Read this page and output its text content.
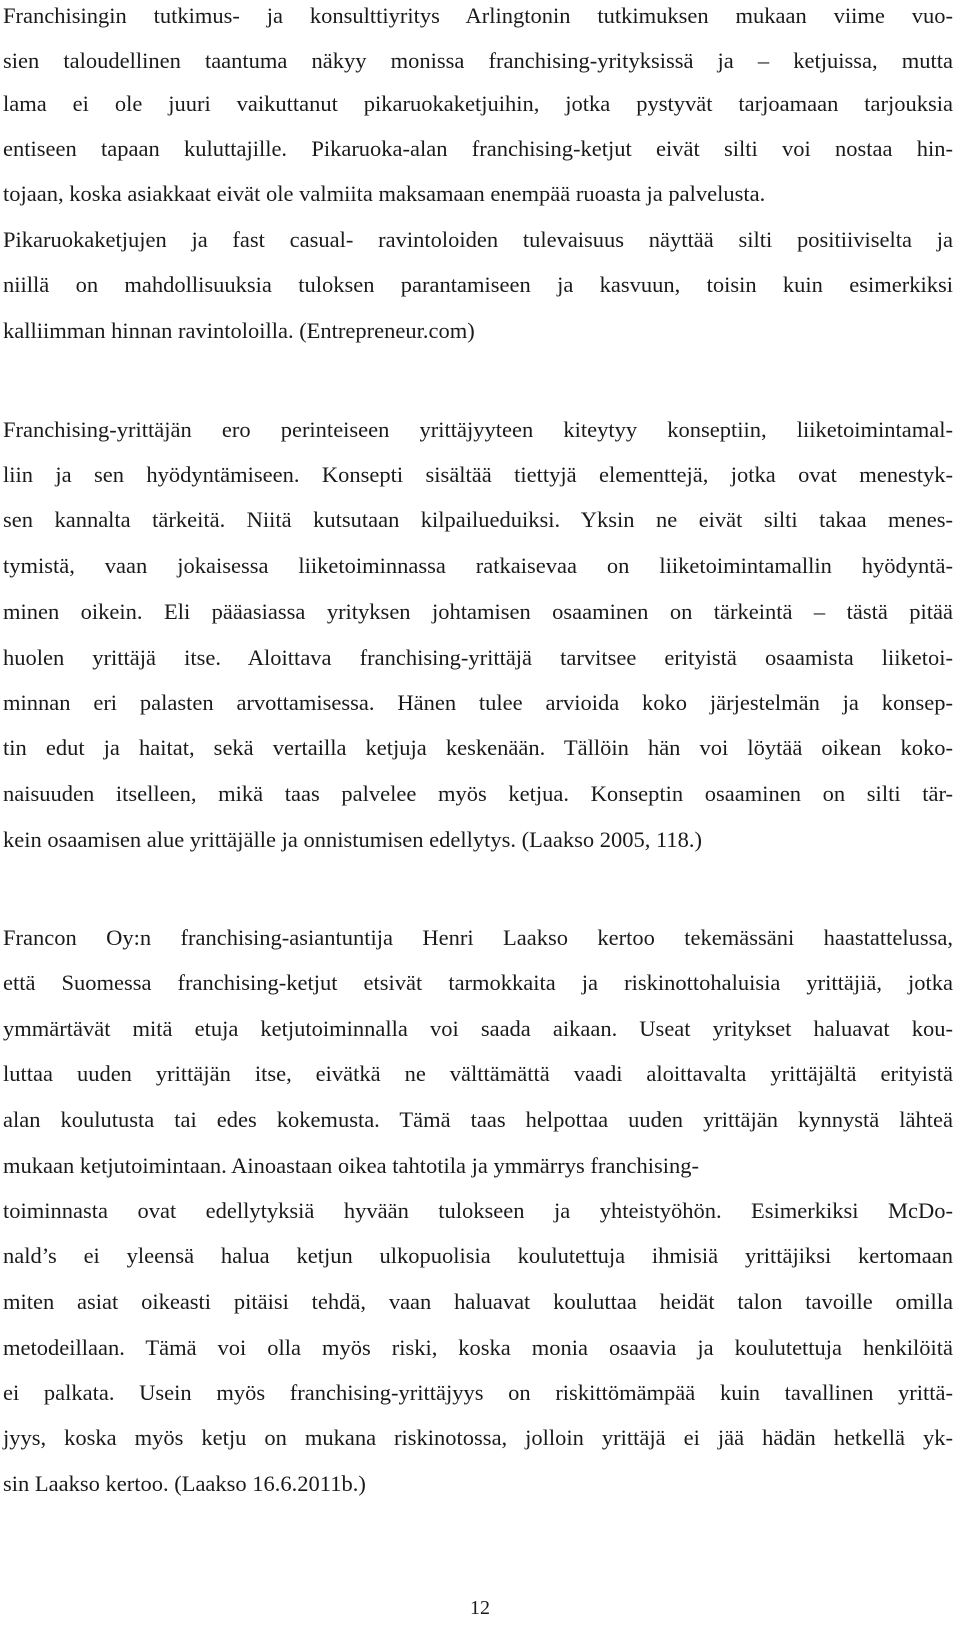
Franchisingin tutkimus- ja konsulttiyritys Arlingtonin tutkimuksen mukaan viime vuo-
sien taloudellinen taantuma näkyy monissa franchising-yrityksissä ja – ketjuissa, mutta
lama ei ole juuri vaikuttanut pikaruokaketjuihin, jotka pystyvät tarjoamaan tarjouksia
entiseen tapaan kuluttajille. Pikaruoka-alan franchising-ketjut eivät silti voi nostaa hin-
tojaan, koska asiakkaat eivät ole valmiita maksamaan enempää ruoasta ja palvelusta.
Pikaruokaketjujen ja fast casual- ravintoloiden tulevaisuus näyttää silti positiiviselta ja
niillä on mahdollisuuksia tuloksen parantamiseen ja kasvuun, toisin kuin esimerkiksi
kalliimman hinnan ravintoloilla. (Entrepreneur.com)
Franchising-yrittäjän ero perinteiseen yrittäjyyteen kiteytyy konseptiin, liiketoimintamal-
liin ja sen hyödyntämiseen. Konsepti sisältää tiettyjä elementtejä, jotka ovat menestyk-
sen kannalta tärkeitä. Niitä kutsutaan kilpailueduiksi. Yksin ne eivät silti takaa menes-
tymistä, vaan jokaisessa liiketoiminnassa ratkaisevaa on liiketoimintamallin hyödyntä-
minen oikein. Eli pääasiassa yrityksen johtamisen osaaminen on tärkeintä – tästä pitää
huolen yrittäjä itse. Aloittava franchising-yrittäjä tarvitsee erityistä osaamista liiketoi-
minnan eri palasten arvottamisessa. Hänen tulee arvioida koko järjestelmän ja konsep-
tin edut ja haitat, sekä vertailla ketjuja keskenään. Tällöin hän voi löytää oikean koko-
naisuuden itselleen, mikä taas palvelee myös ketjua. Konseptin osaaminen on silti tär-
kein osaamisen alue yrittäjälle ja onnistumisen edellytys. (Laakso 2005, 118.)
Francon Oy:n franchising-asiantuntija Henri Laakso kertoo tekemässäni haastattelussa,
että Suomessa franchising-ketjut etsivät tarmokkaita ja riskinottohaluisia yrittäjiä, jotka
ymmärtävät mitä etuja ketjutoiminnalla voi saada aikaan. Useat yritykset haluavat kou-
luttaa uuden yrittäjän itse, eivätkä ne välttämättä vaadi aloittavalta yrittäjältä erityistä
alan koulutusta tai edes kokemusta. Tämä taas helpottaa uuden yrittäjän kynnystä lähteä
mukaan ketjutoimintaan. Ainoastaan oikea tahtotila ja ymmärrys franchising-
toiminnasta ovat edellytyksiä hyvään tulokseen ja yhteistyöhön. Esimerkiksi McDo-
nald’s ei yleensä halua ketjun ulkopuolisia koulutettuja ihmisiä yrittäjiksi kertomaan
miten asiat oikeasti pitäisi tehdä, vaan haluavat kouluttaa heidät talon tavoille omilla
metodeillaan. Tämä voi olla myös riski, koska monia osaavia ja koulutettuja henkilöitä
ei palkata. Usein myös franchising-yrittäjyys on riskittömämpää kuin tavallinen yrittä-
jyys, koska myös ketju on mukana riskinotossa, jolloin yrittäjä ei jää hädän hetkellä yk-
sin Laakso kertoo. (Laakso 16.6.2011b.)
12
